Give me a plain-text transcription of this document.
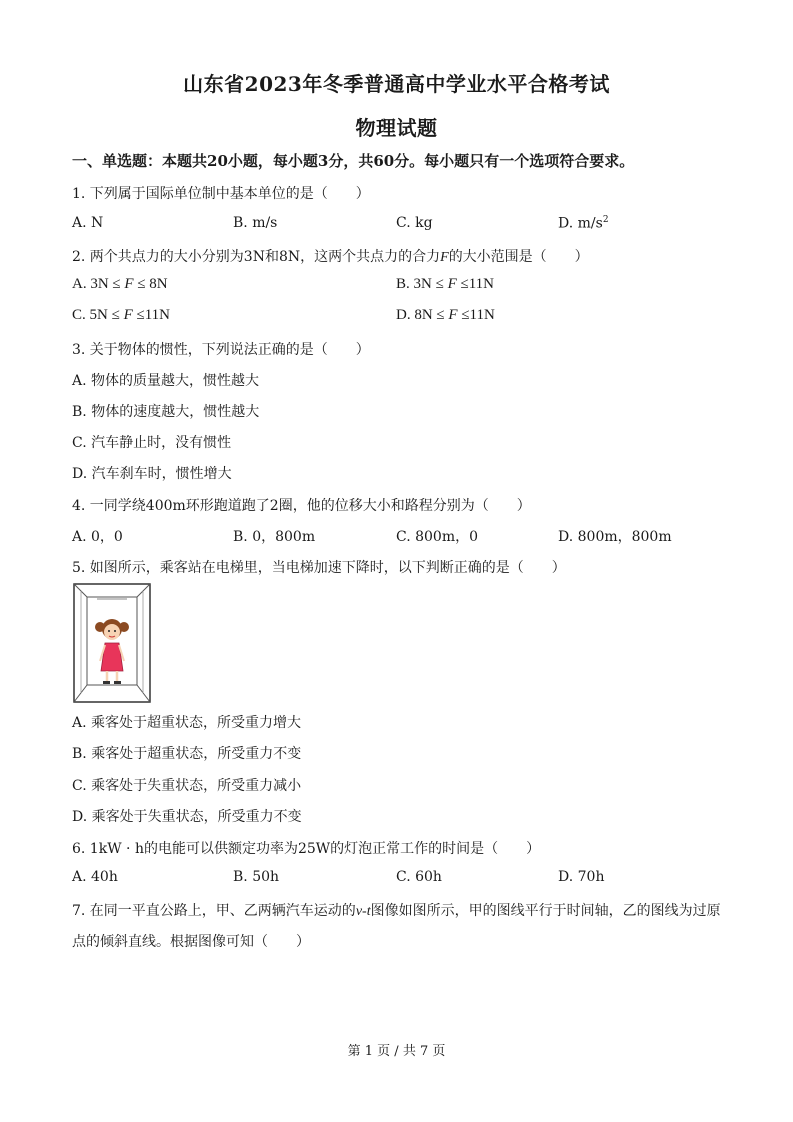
山东省2023年冬季普通高中学业水平合格考试
物理试题
一、单选题：本题共20小题，每小题3分，共60分。每小题只有一个选项符合要求。
1. 下列属于国际单位制中基本单位的是（　　）
A. N	B. m/s	C. kg	D. $m/s^2$
2. 两个共点力的大小分别为3N和8N，这两个共点力的合力F的大小范围是（　　）
A. 3N ≤ F ≤ 8N	B. 3N ≤ F ≤11N
C. 5N ≤ F ≤11N	D. 8N ≤ F ≤11N
3. 关于物体的惯性，下列说法正确的是（　　）
A. 物体的质量越大，惯性越大
B. 物体的速度越大，惯性越大
C. 汽车静止时，没有惯性
D. 汽车刹车时，惯性增大
4. 一同学绕400m环形跑道跑了2圈，他的位移大小和路程分别为（　　）
A. 0，0	B. 0，800m	C. 800m，0	D. 800m，800m
5. 如图所示，乘客站在电梯里，当电梯加速下降时，以下判断正确的是（　　）
A. 乘客处于超重状态，所受重力增大
B. 乘客处于超重状态，所受重力不变
C. 乘客处于失重状态，所受重力减小
D. 乘客处于失重状态，所受重力不变
6. 1kW · h的电能可以供额定功率为25W的灯泡正常工作的时间是（　　）
A. 40h	B. 50h	C. 60h	D. 70h
7. 在同一平直公路上，甲、乙两辆汽车运动的v-t图像如图所示，甲的图线平行于时间轴，乙的图线为过原
点的倾斜直线。根据图像可知（　　）
第 1 页 / 共 7 页
